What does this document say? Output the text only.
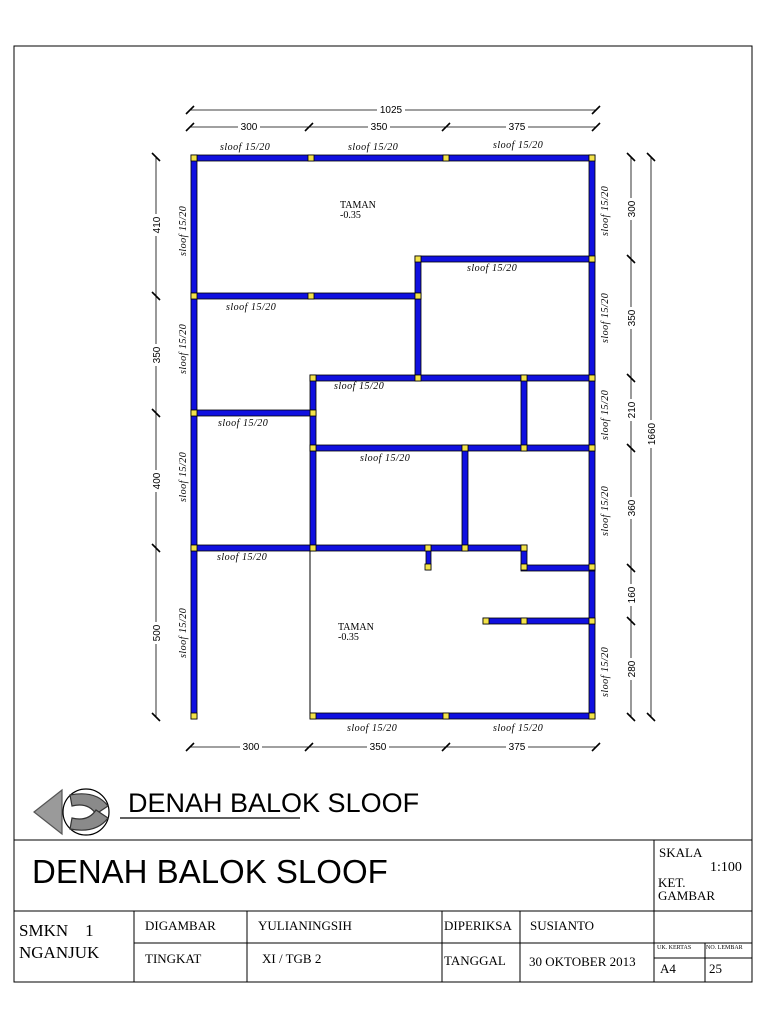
sloof 15/20	sloof 15/20	sloof 15/20
sloof 15/20
sloof 15/20
sloof 15/20
sloof 15/20
sloof 15/20
sloof 15/20
sloof 15/20	sloof 15/20
sloof 15/20
sloof 15/20
sloof 15/20
sloof 15/20
sloof 15/20
sloof 15/20
sloof 15/20
sloof 15/20
sloof 15/20
TAMAN
-0.35
TAMAN
-0.35
1025
300	350	375
300	350	375
410
350
400
500
300
350
210
360
160
280
1660
DENAH BALOK SLOOF
DENAH BALOK SLOOF
SMKN    1
NGANJUK
DIGAMBAR	YULIANINGSIH	DIPERIKSA SUSIANTO
TINGKAT	XI / TGB 2	TANGGAL 30 OKTOBER 2013
SKALA
1:100
KET.
GAMBAR
UK. KERTAS NO. LEMBAR
A4	25
